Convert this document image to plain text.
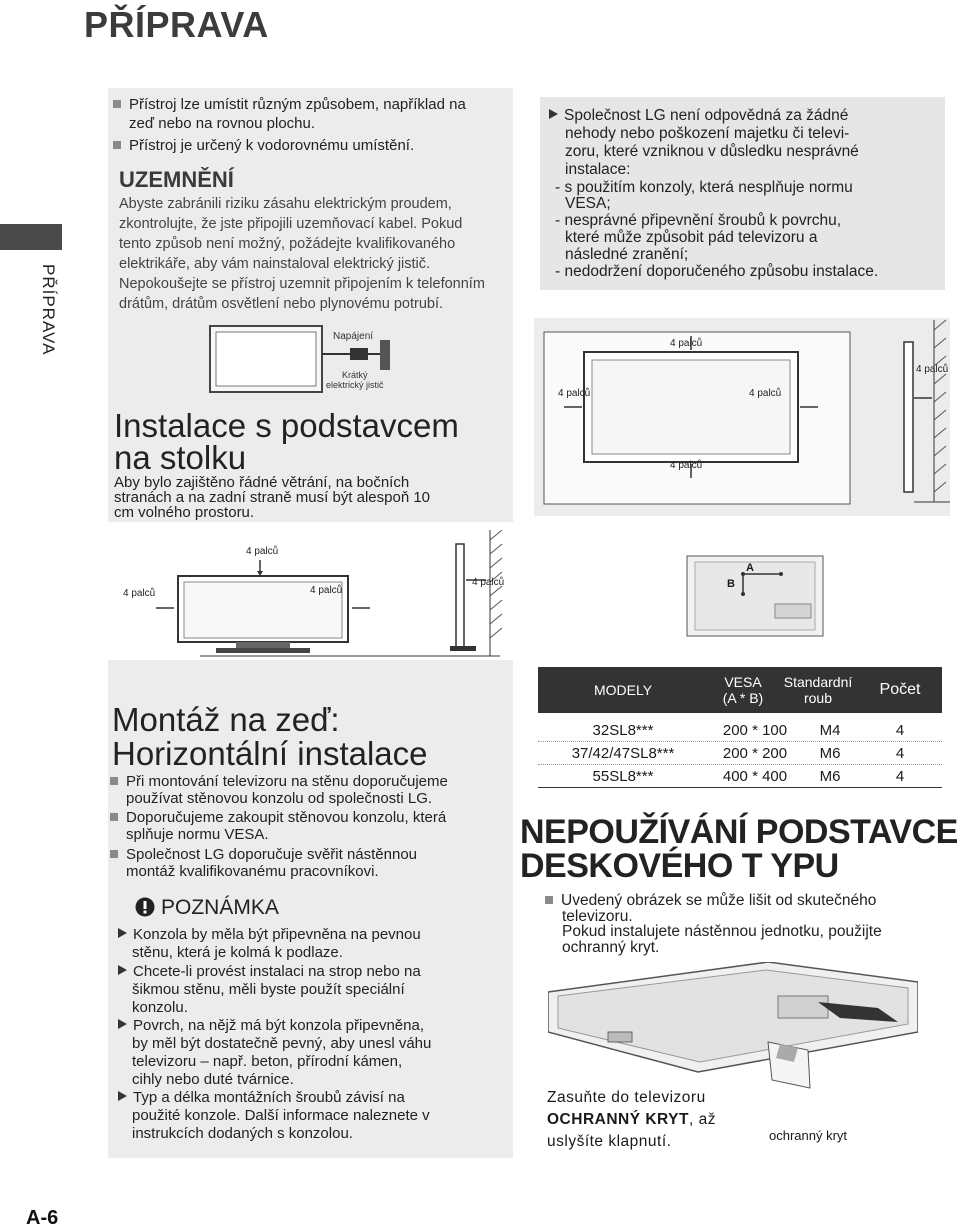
PŘÍPRAVA
PŘÍPRAVA
Přístroj lze umístit různým způsobem, například na
zeď nebo na rovnou plochu.
Přístroj je určený k vodorovnému umístění.
UZEMNĚNÍ
Abyste zabránili riziku zásahu elektrickým proudem,
zkontrolujte, že jste připojili uzemňovací kabel. Pokud
tento způsob není možný, požádejte kvalifikovaného
elektrikáře, aby vám nainstaloval elektrický jistič.
Nepokoušejte se přístroj uzemnit připojením k telefonním
drátům, drátům osvětlení nebo plynovému potrubí.
Napájení
Krátký
elektrický jistič
Instalace s podstavcem
na stolku
Aby bylo zajištěno řádné větrání, na bočních
stranách a na zadní straně musí být alespoň 10
cm volného prostoru.
4 palců
4 palců	4 palců
4 palců
Montáž na zeď:
Horizontální instalace
Při montování televizoru na stěnu doporučujeme
používat stěnovou konzolu od společnosti LG.
Doporučujeme zakoupit stěnovou konzolu, která
splňuje normu VESA.
Společnost LG doporučuje svěřit nástěnnou
montáž kvalifikovanému pracovníkovi.
POZNÁMKA
Konzola by měla být připevněna na pevnou
stěnu, která je kolmá k podlaze.
Chcete-li provést instalaci na strop nebo na
šikmou stěnu, měli byste použít speciální
konzolu.
Povrch, na nějž má být konzola připevněna,
by měl být dostatečně pevný, aby unesl váhu
televizoru – např. beton, přírodní kámen,
cihly nebo duté tvárnice.
Typ a délka montážních šroubů závisí na
použité konzole. Další informace naleznete v
instrukcích dodaných s konzolou.
Společnost LG není odpovědná za žádné
nehody nebo poškození majetku či televi-
zoru, které vzniknou v důsledku nesprávné
instalace:
- s použitím konzoly, která nesplňuje normu
VESA;
- nesprávné připevnění šroubů k povrchu,
které může způsobit pád televizoru a
následné zranění;
- nedodržení doporučeného způsobu instalace.
4 palců
4 palců	4 palců
4 palců
4 palců
A
B
MODELY	VESA
(A * B)
Standardní
roub	Počet
32SL8***	200 * 100	M4	4
37/42/47SL8***	200 * 200	M6	4
55SL8***	400 * 400	M6	4
NEPOUŽÍVÁNÍ PODSTAVCE
DESKOVÉHO T YPU
Uvedený obrázek se může lišit od skutečného
televizoru.
Pokud instalujete nástěnnou jednotku, použijte
ochranný kryt.
Zasuňte do televizoru
OCHRANNÝ KRYT, až
uslyšíte klapnutí.	ochranný kryt
A-6
